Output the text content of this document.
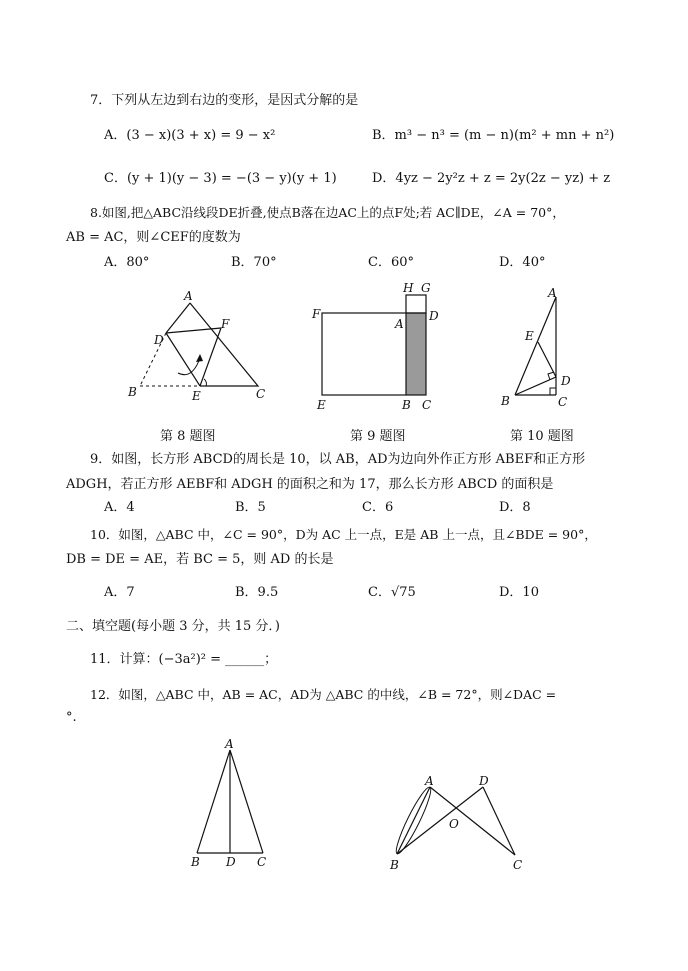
7．下列从左边到右边的变形，是因式分解的是
A．(3 − x)(3 + x) = 9 − x²	B．m³ − n³ = (m − n)(m² + mn + n²)
C．(y + 1)(y − 3) = −(3 − y)(y + 1)	D．4yz − 2y²z + z = 2y(2z − yz) + z
8.如图,把△ABC沿线段DE折叠,使点B落在边AC上的点F处;若 AC∥DE，∠A = 70°，
AB = AC，则∠CEF的度数为
A．80°	B．70°	C．60°	D．40°
A
F
D
B	E	C
第 8 题图
H G
F
A
D
E	B C
第 9 题图
A
E
D
B	C
第 10 题图
9．如图，长方形 ABCD的周长是 10，以 AB，AD为边向外作正方形 ABEF和正方形
ADGH，若正方形 AEBF和 ADGH 的面积之和为 17，那么长方形 ABCD 的面积是
A．4	B．5	C．6	D．8
10．如图，△ABC 中，∠C = 90°，D为 AC 上一点，E是 AB 上一点，且∠BDE = 90°，
DB = DE = AE，若 BC = 5，则 AD 的长是
A．7	B．9.5	C．√75	D．10
二、填空题(每小题 3 分，共 15 分．)
11．计算：(−3a²)² = ______；
12．如图，△ABC 中，AB = AC，AD为 △ABC 的中线，∠B = 72°，则∠DAC =
°.
A
B D C
A	D
O
B	C
